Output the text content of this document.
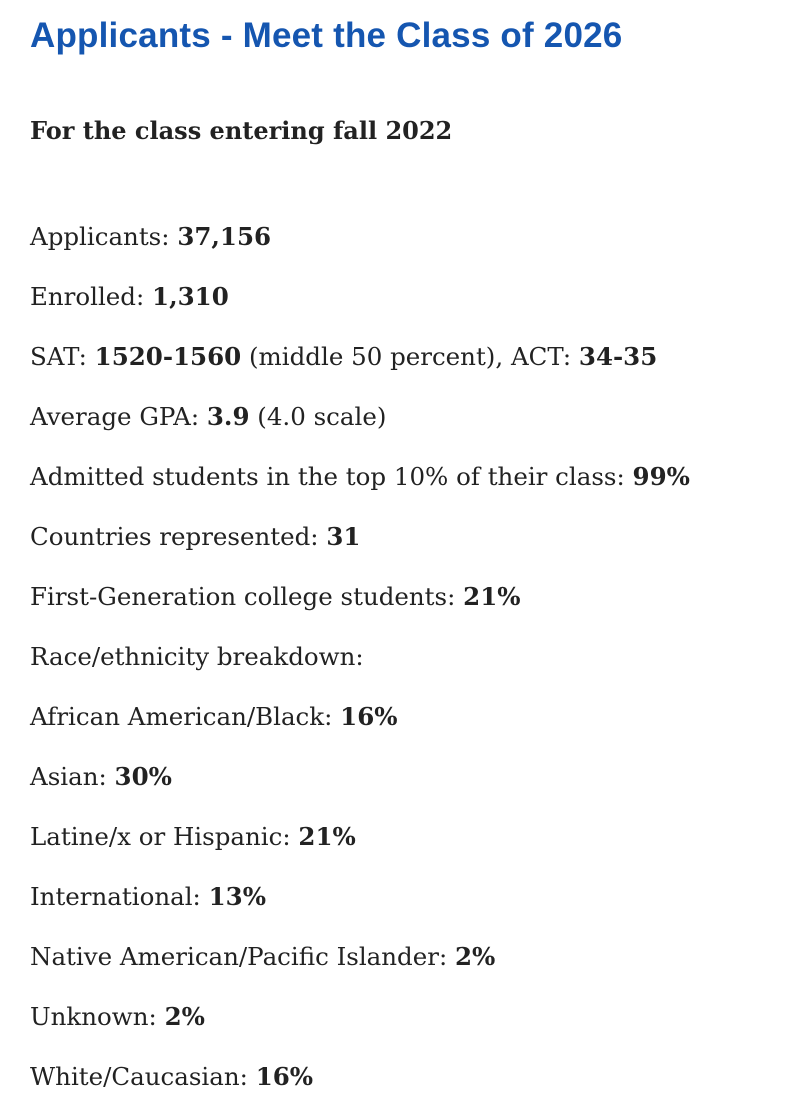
Applicants - Meet the Class of 2026
For the class entering fall 2022
Applicants: 37,156
Enrolled: 1,310
SAT: 1520-1560 (middle 50 percent), ACT: 34-35
Average GPA: 3.9 (4.0 scale)
Admitted students in the top 10% of their class: 99%
Countries represented: 31
First-Generation college students: 21%
Race/ethnicity breakdown:
African American/Black: 16%
Asian: 30%
Latine/x or Hispanic: 21%
International: 13%
Native American/Pacific Islander: 2%
Unknown: 2%
White/Caucasian: 16%
